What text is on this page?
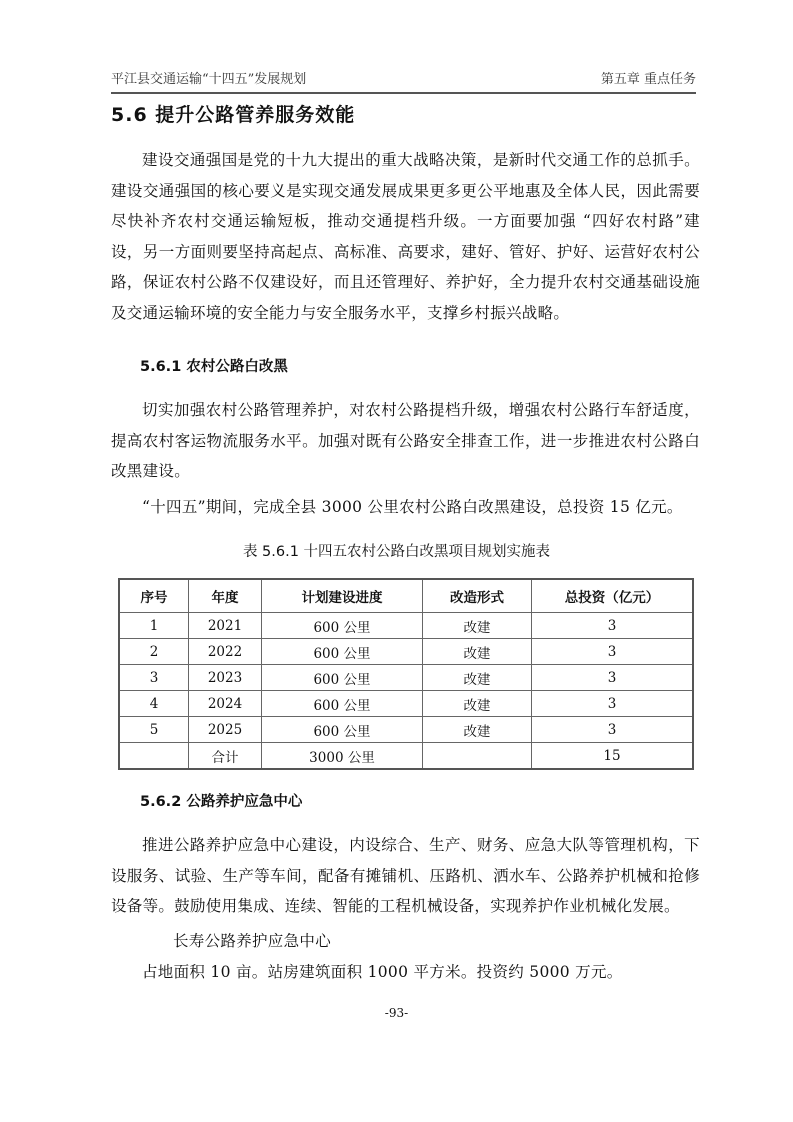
平江县交通运输“十四五”发展规划	第五章 重点任务
5.6 提升公路管养服务效能
建设交通强国是党的十九大提出的重大战略决策，是新时代交通工作的总抓手。建设交通强国的核心要义是实现交通发展成果更多更公平地惠及全体人民，因此需要尽快补齐农村交通运输短板，推动交通提档升级。一方面要加强 “四好农村路”建设，另一方面则要坚持高起点、高标准、高要求，建好、管好、护好、运营好农村公路，保证农村公路不仅建设好，而且还管理好、养护好，全力提升农村交通基础设施及交通运输环境的安全能力与安全服务水平，支撑乡村振兴战略。
5.6.1 农村公路白改黑
切实加强农村公路管理养护，对农村公路提档升级，增强农村公路行车舒适度，提高农村客运物流服务水平。加强对既有公路安全排查工作，进一步推进农村公路白改黑建设。
“十四五”期间，完成全县 3000 公里农村公路白改黑建设，总投资 15 亿元。
表 5.6.1 十四五农村公路白改黑项目规划实施表
序号	年度	计划建设进度	改造形式	总投资（亿元）
1	2021	600 公里	改建	3
2	2022	600 公里	改建	3
3	2023	600 公里	改建	3
4	2024	600 公里	改建	3
5	2025	600 公里	改建	3
	合计	3000 公里		15
5.6.2 公路养护应急中心
推进公路养护应急中心建设，内设综合、生产、财务、应急大队等管理机构，下设服务、试验、生产等车间，配备有摊铺机、压路机、洒水车、公路养护机械和抢修设备等。鼓励使用集成、连续、智能的工程机械设备，实现养护作业机械化发展。
长寿公路养护应急中心
占地面积 10 亩。站房建筑面积 1000 平方米。投资约 5000 万元。
-93-
